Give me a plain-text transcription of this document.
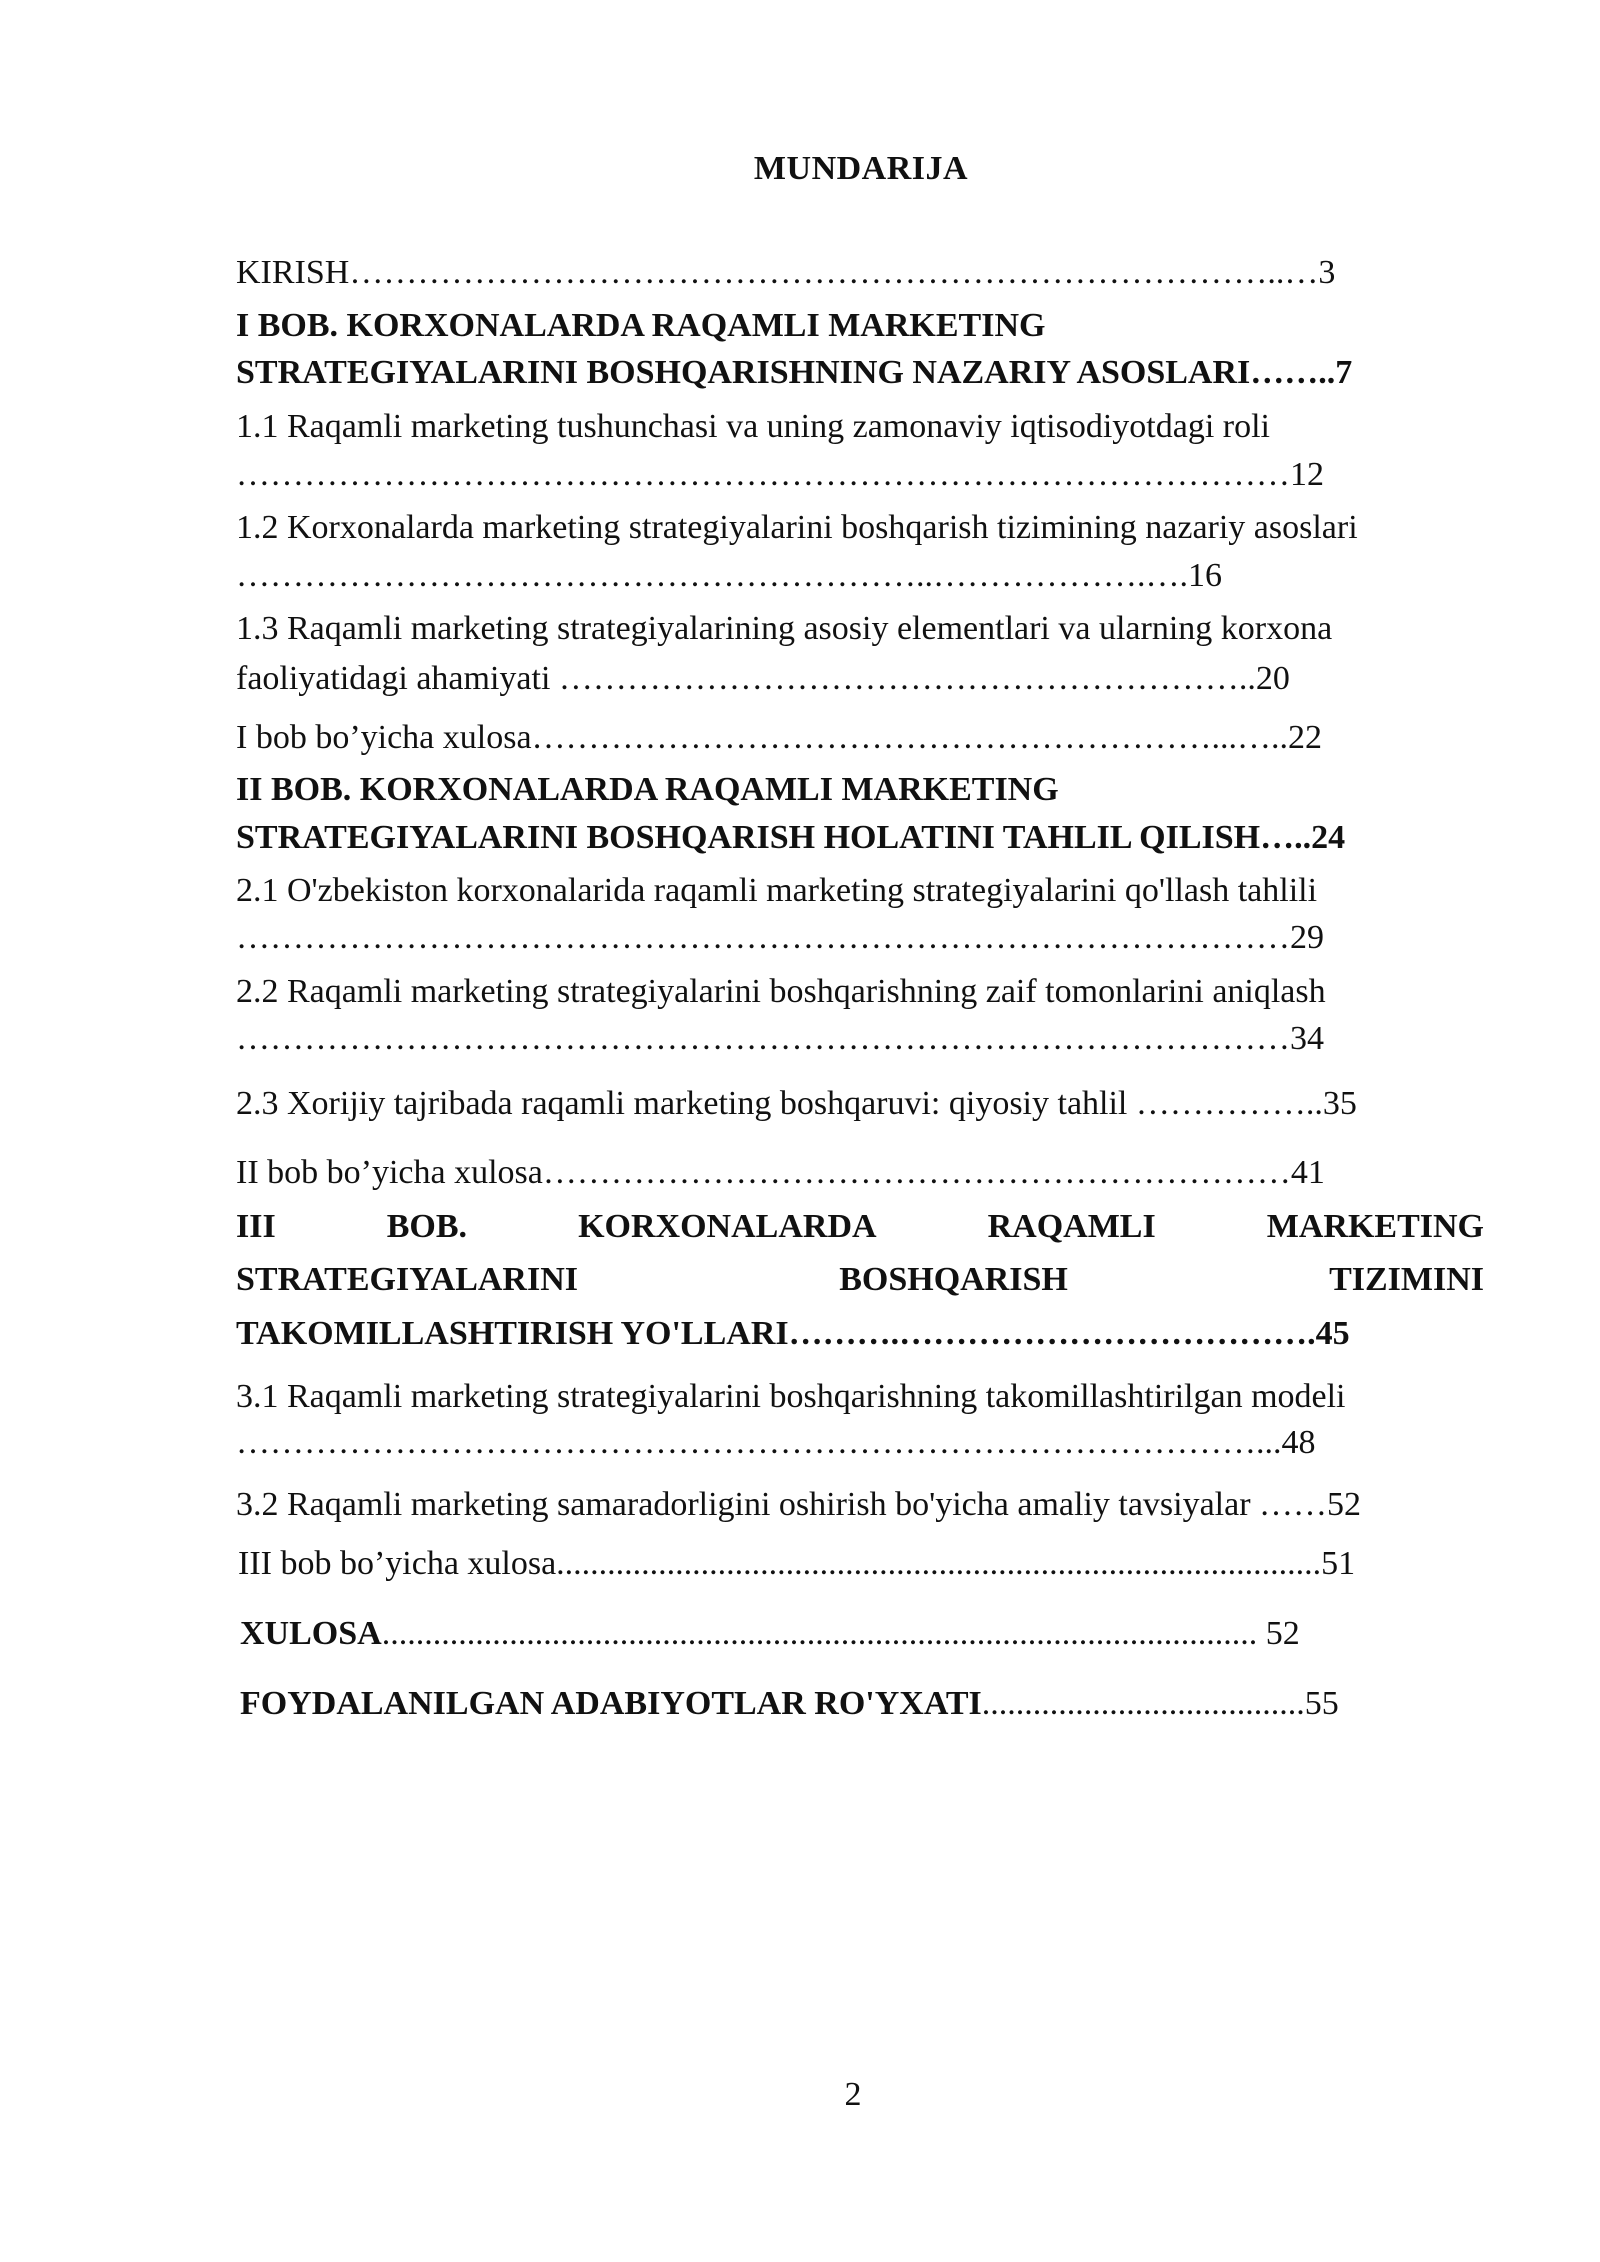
MUNDARIJA
KIRISH………………………………………………………………………..…3
I BOB. KORXONALARDA RAQAMLI MARKETING
STRATEGIYALARINI BOSHQARISHNING NAZARIY ASOSLARI……..7
1.1 Raqamli marketing tushunchasi va uning zamonaviy iqtisodiyotdagi roli
…………………………………………………………………………………12
1.2 Korxonalarda marketing strategiyalarini boshqarish tizimining nazariy asoslari
……………………………………………………..……………….….16
1.3 Raqamli marketing strategiyalarining asosiy elementlari va ularning korxona
faoliyatidagi ahamiyati ……………………………………………………..20
I bob bo’yicha xulosa……………………………………………………...…..22
II BOB. KORXONALARDA RAQAMLI MARKETING
STRATEGIYALARINI BOSHQARISH HOLATINI TAHLIL QILISH…..24
2.1 O'zbekiston korxonalarida raqamli marketing strategiyalarini qo'llash tahlili
…………………………………………………………………………………29
2.2 Raqamli marketing strategiyalarini boshqarishning zaif tomonlarini aniqlash
…………………………………………………………………………………34
2.3 Xorijiy tajribada raqamli marketing boshqaruvi: qiyosiy tahlil ……………..35
II bob bo’yicha xulosa…………………………………………………………41
III	BOB.	KORXONALARDA	RAQAMLI	MARKETING
STRATEGIYALARINI	BOSHQARISH	TIZIMINI
TAKOMILLASHTIRISH YO'LLARI……….……………………………….45
3.1 Raqamli marketing strategiyalarini boshqarishning takomillashtirilgan modeli
………………………………………………………………………………...48
3.2 Raqamli marketing samaradorligini oshirish bo'yicha amaliy tavsiyalar ……52
III bob bo’yicha xulosa..........................................................................................51
XULOSA....................................................................................................... 52
FOYDALANILGAN ADABIYOTLAR RO'YXATI......................................55
2
